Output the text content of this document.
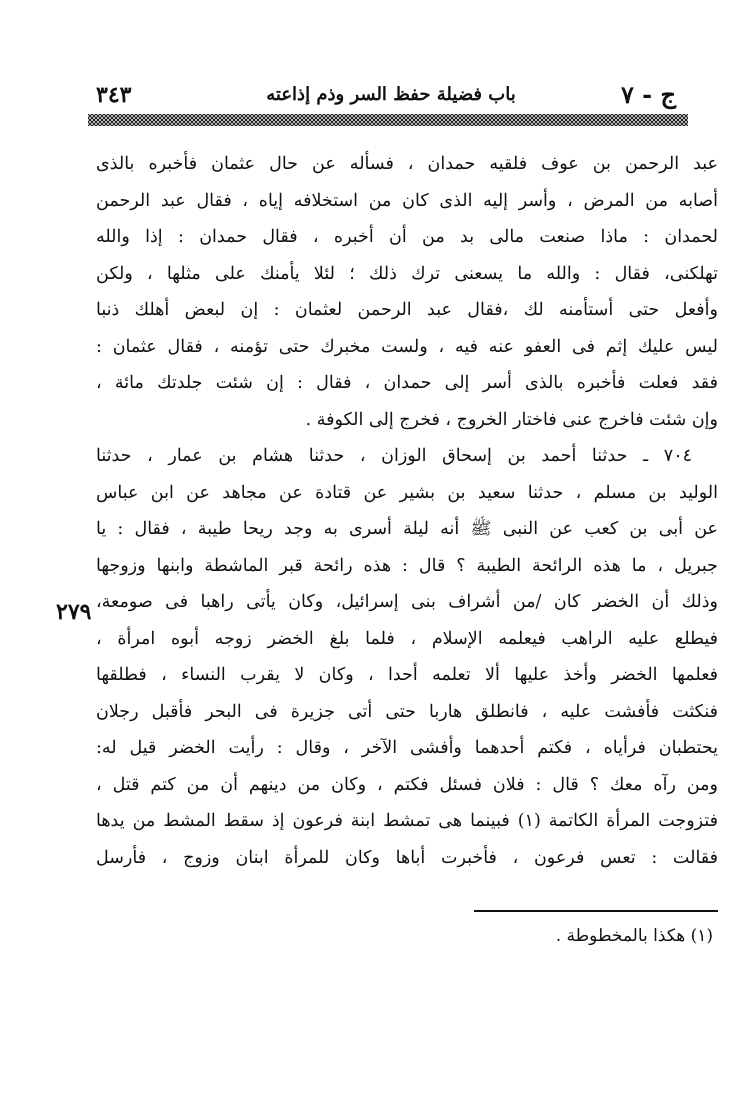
ج - ٧
باب فضيلة حفظ السر وذم إذاعته
٣٤٣
عبد الرحمن بن عوف فلقيه حمدان ، فسأله عن حال عثمان فأخبره بالذى
أصابه من المرض ، وأسر إليه الذى كان من استخلافه إياه ، فقال عبد الرحمن
لحمدان : ماذا صنعت مالى بد من أن أخبره ، فقال حمدان : إذا والله
تهلكنى، فقال : والله ما يسعنى ترك ذلك ؛ لئلا يأمنك على مثلها ، ولكن
وأفعل حتى أستأمنه لك ،فقال عبد الرحمن لعثمان : إن لبعض أهلك ذنبا
ليس عليك إثم فى العفو عنه فيه ، ولست مخبرك حتى تؤمنه ، فقال عثمان :
فقد فعلت فأخبره بالذى أسر إلى حمدان ، فقال : إن شئت جلدتك مائة ،
وإن شئت فاخرج عنى فاختار الخروج ، فخرج إلى الكوفة .
٧٠٤ ـ حدثنا أحمد بن إسحاق الوزان ، حدثنا هشام بن عمار ، حدثنا
الوليد بن مسلم ، حدثنا سعيد بن بشير عن قتادة عن مجاهد عن ابن عباس
عن أبى بن كعب عن النبى ﷺ أنه ليلة أسرى به وجد ريحا طيبة ، فقال : يا
جبريل ، ما هذه الرائحة الطيبة ؟ قال : هذه رائحة قبر الماشطة وابنها وزوجها
وذلك أن الخضر كان /من أشراف بنى إسرائيل، وكان يأتى راهبا فى صومعة،
فيطلع عليه الراهب فيعلمه الإسلام ، فلما بلغ الخضر زوجه أبوه امرأة ،
فعلمها الخضر وأخذ عليها ألا تعلمه أحدا ، وكان لا يقرب النساء ، فطلقها
فنكثت فأفشت عليه ، فانطلق هاربا حتى أتى جزيرة فى البحر فأقبل رجلان
يحتطبان فرأياه ، فكتم أحدهما وأفشى الآخر ، وقال : رأيت الخضر قيل له:
ومن رآه معك ؟ قال : فلان فسئل فكتم ، وكان من دينهم أن من كتم قتل ،
فتزوجت المرأة الكاتمة (١) فبينما هى تمشط ابنة فرعون إذ سقط المشط من يدها
فقالت : تعس فرعون ، فأخبرت أباها وكان للمرأة ابنان وزوج ، فأرسل
٢٧٩
(١) هكذا بالمخطوطة .
